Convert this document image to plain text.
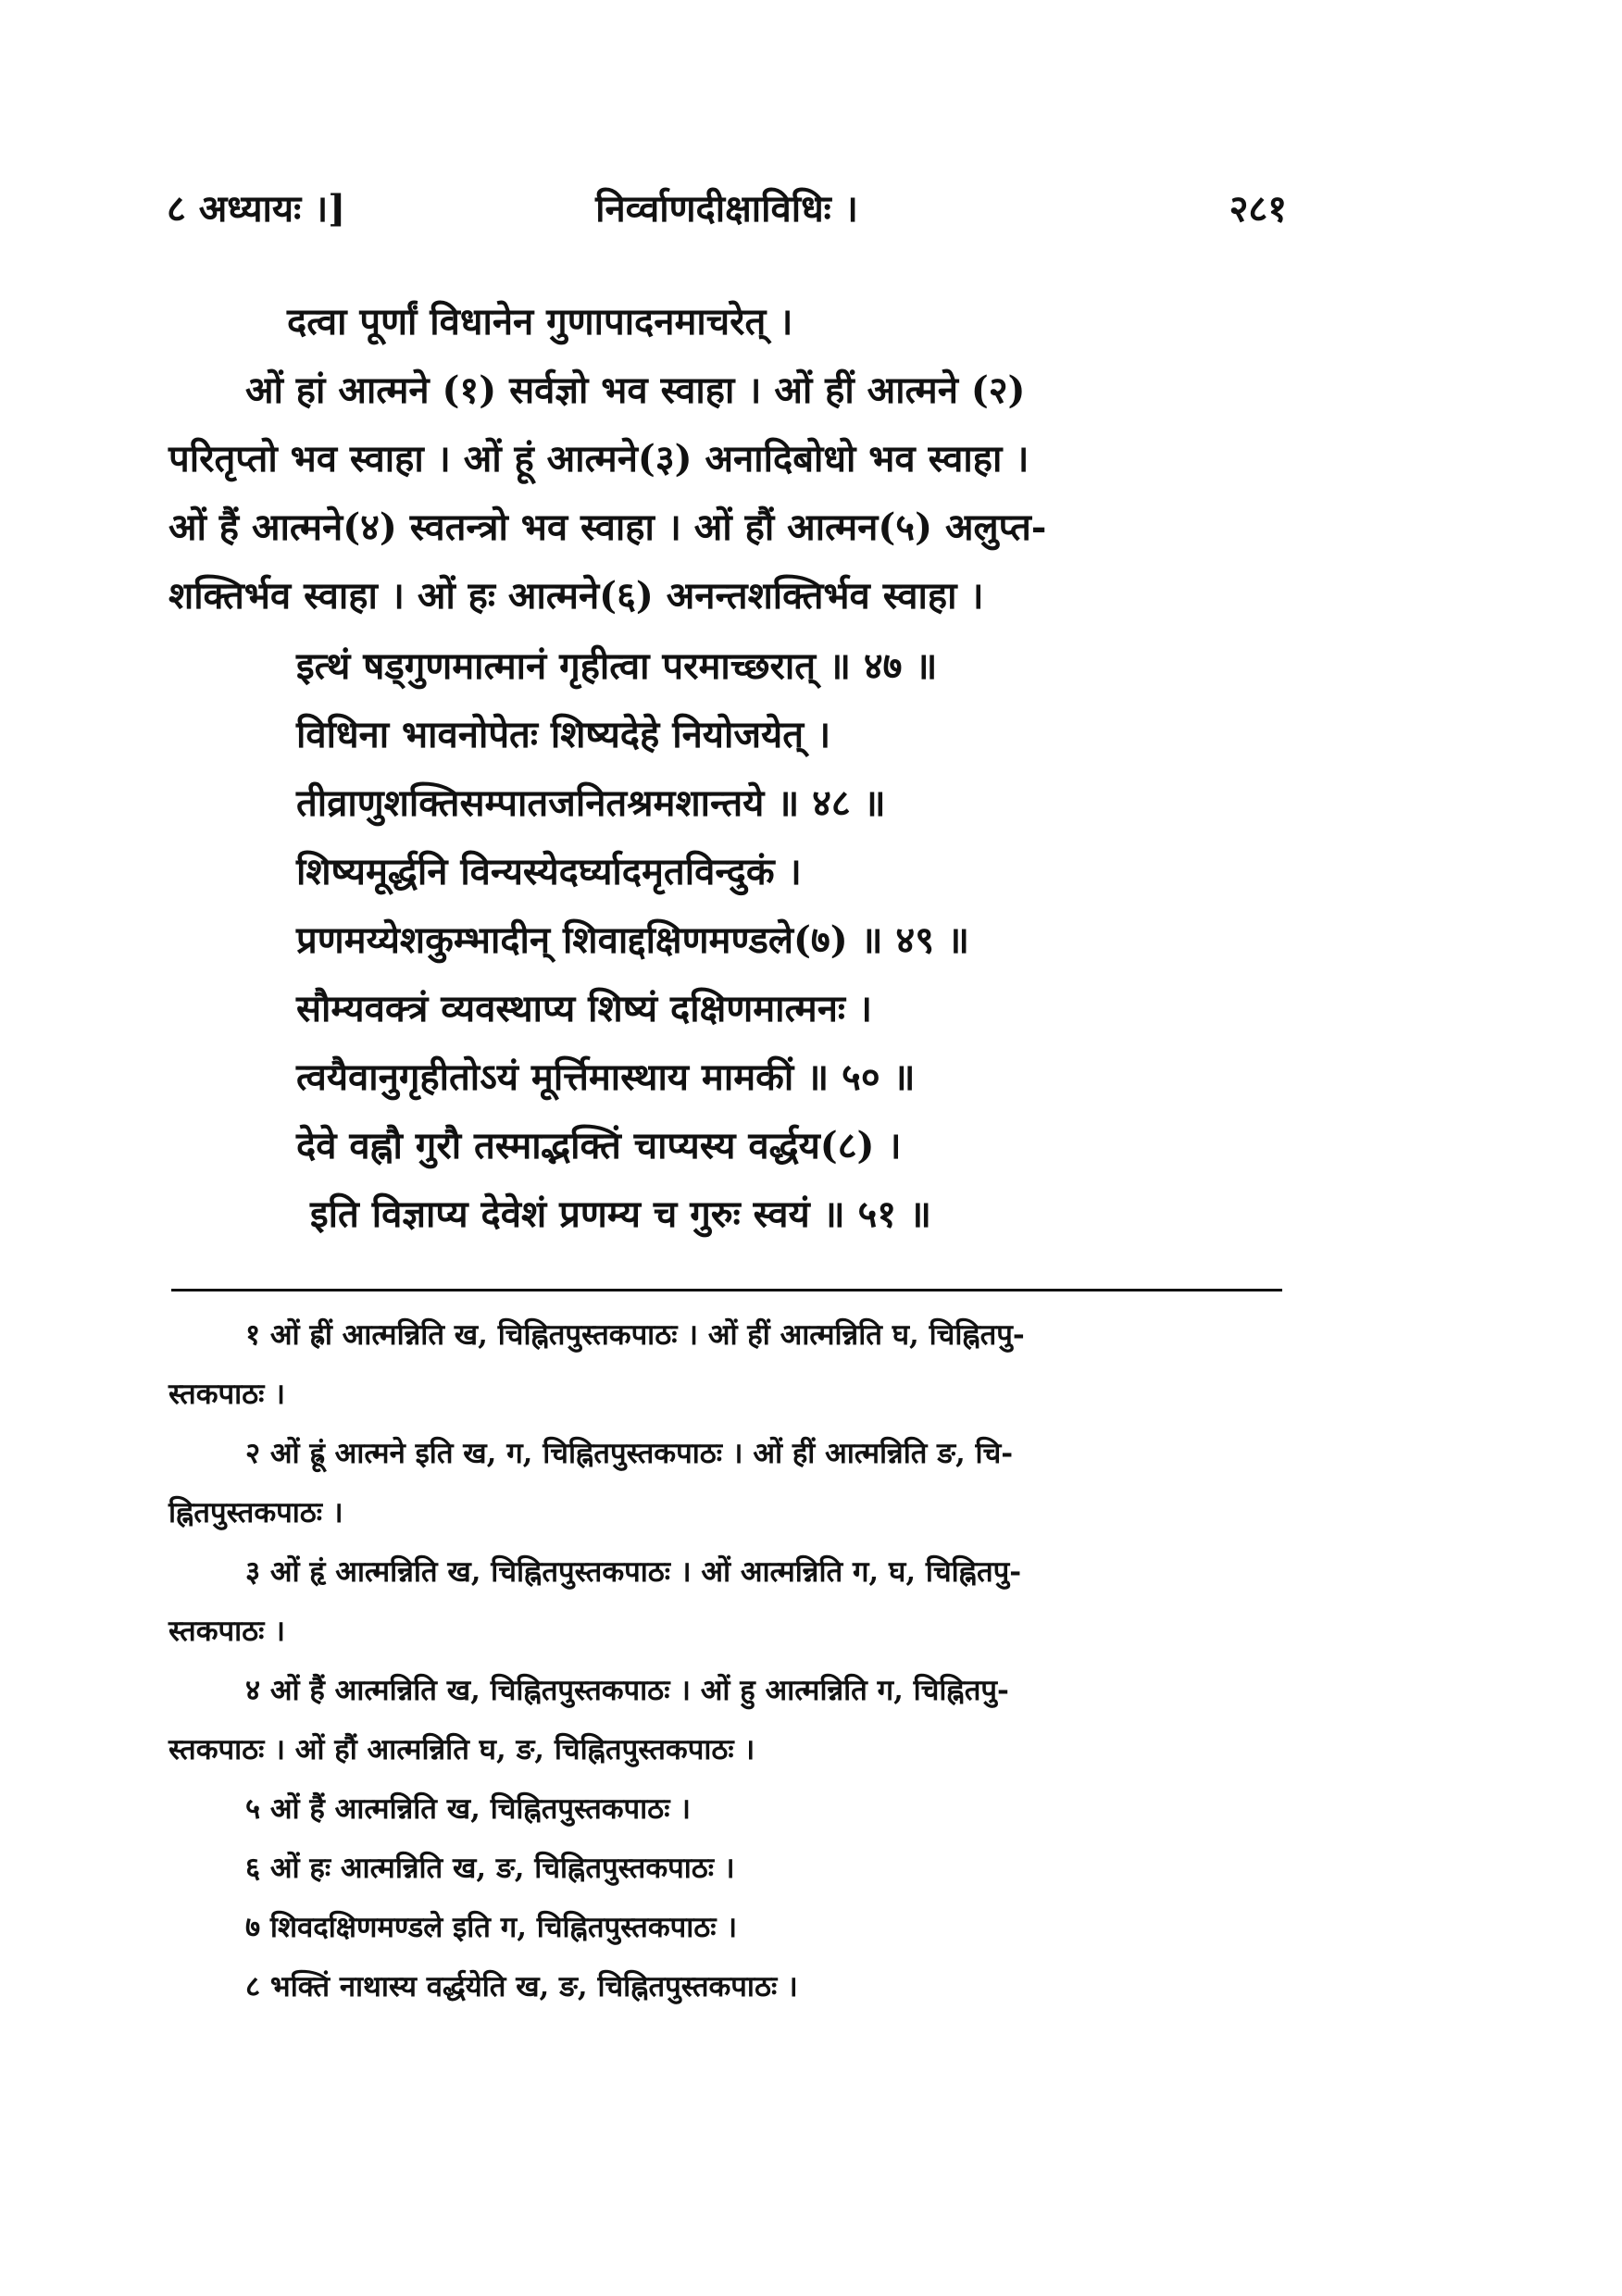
८ अध्यायः ।]	निर्व्वाणदीक्षाविधिः ।	२८१
दत्वा पूर्णां विधानेन गुणापादनमाचरेत् ।
ओं हां आत्मने (१) सर्वज्ञो भव स्वाहा । ओं हीं आत्मने (२)
परितृप्तो भव स्वाहा । ओं हूं आत्मने(३) अनादिबोधो भव स्वाहा ।
ओं हैं आत्मने(४) स्वतन्त्रो भव स्वाहा । ओं हौं आत्मन(५) अलुप्त-
शक्तिर्भव स्वाहा । ओं हः आत्मने(६) अनन्तशक्तिर्भव स्वाहा ।
इत्थं षड्गुणमात्मानं गृहीत्वा परमाच्छरात् ॥ ४७ ॥
विधिना भावनोपेतः शिष्यदेहे नियोजयेत् ।
तीव्राणुशक्तिसम्पातजनितश्रमशान्तये ॥ ४८ ॥
शिष्यमूर्द्धनि विन्यस्येदर्घ्यादमृतविन्दुकं ।
प्रणमय्येशकुम्भादीन् शिवाद्दक्षिणमण्डले(७) ॥ ४९ ॥
सौम्यवक्त्रं व्यवस्थाप्य शिष्यं दक्षिणमात्मनः ।
त्वयैवानुगृहीतोऽयं मूर्त्तिमास्थाय मामकीं ॥ ५० ॥
देवे वह्नौ गुरौ तस्माद्भक्तिं चाप्यस्य वर्द्धय(८) ।
इति विज्ञाप्य देवेशं प्रणम्य च गुरुः स्वयं ॥ ५१ ॥
१ ओं ह्रीं आत्मन्निति ख, चिह्नितपुस्तकपाठः । ओं हीं आत्मन्निति घ, चिह्नितपु-
स्तकपाठः ।
२ ओं ह्रूं आत्मने इति ख, ग, चिह्नितपुस्तकपाठः । ओं हीं आत्मन्निति ङ, चि-
ह्नितपुस्तकपाठः ।
३ ओं हृं आत्मन्निति ख, चिह्नितपुस्तकपाठः । ओं आत्मन्निति ग, घ, चिह्नितपु-
स्तकपाठः ।
४ ओं हैं आत्मन्निति ख, चिह्नितपुस्तकपाठः । ओं हु आत्मन्निति ग, चिह्नितपु-
स्तकपाठः । ओं हौं आत्मन्निति घ, ङ, चिह्नितपुस्तकपाठः ।
५ ओं हैं आत्मन्निति ख, चिह्नितपुस्तकपाठः ।
६ ओं हः आत्मन्निति ख, ङ, चिह्नितपुस्तकपाठः ।
७ शिवदक्षिणमण्डले इति ग, चिह्नितपुस्तकपाठः ।
८ भक्तिं नाथास्य वर्द्धयेति ख, ङ, चिह्नितपुस्तकपाठः ।
